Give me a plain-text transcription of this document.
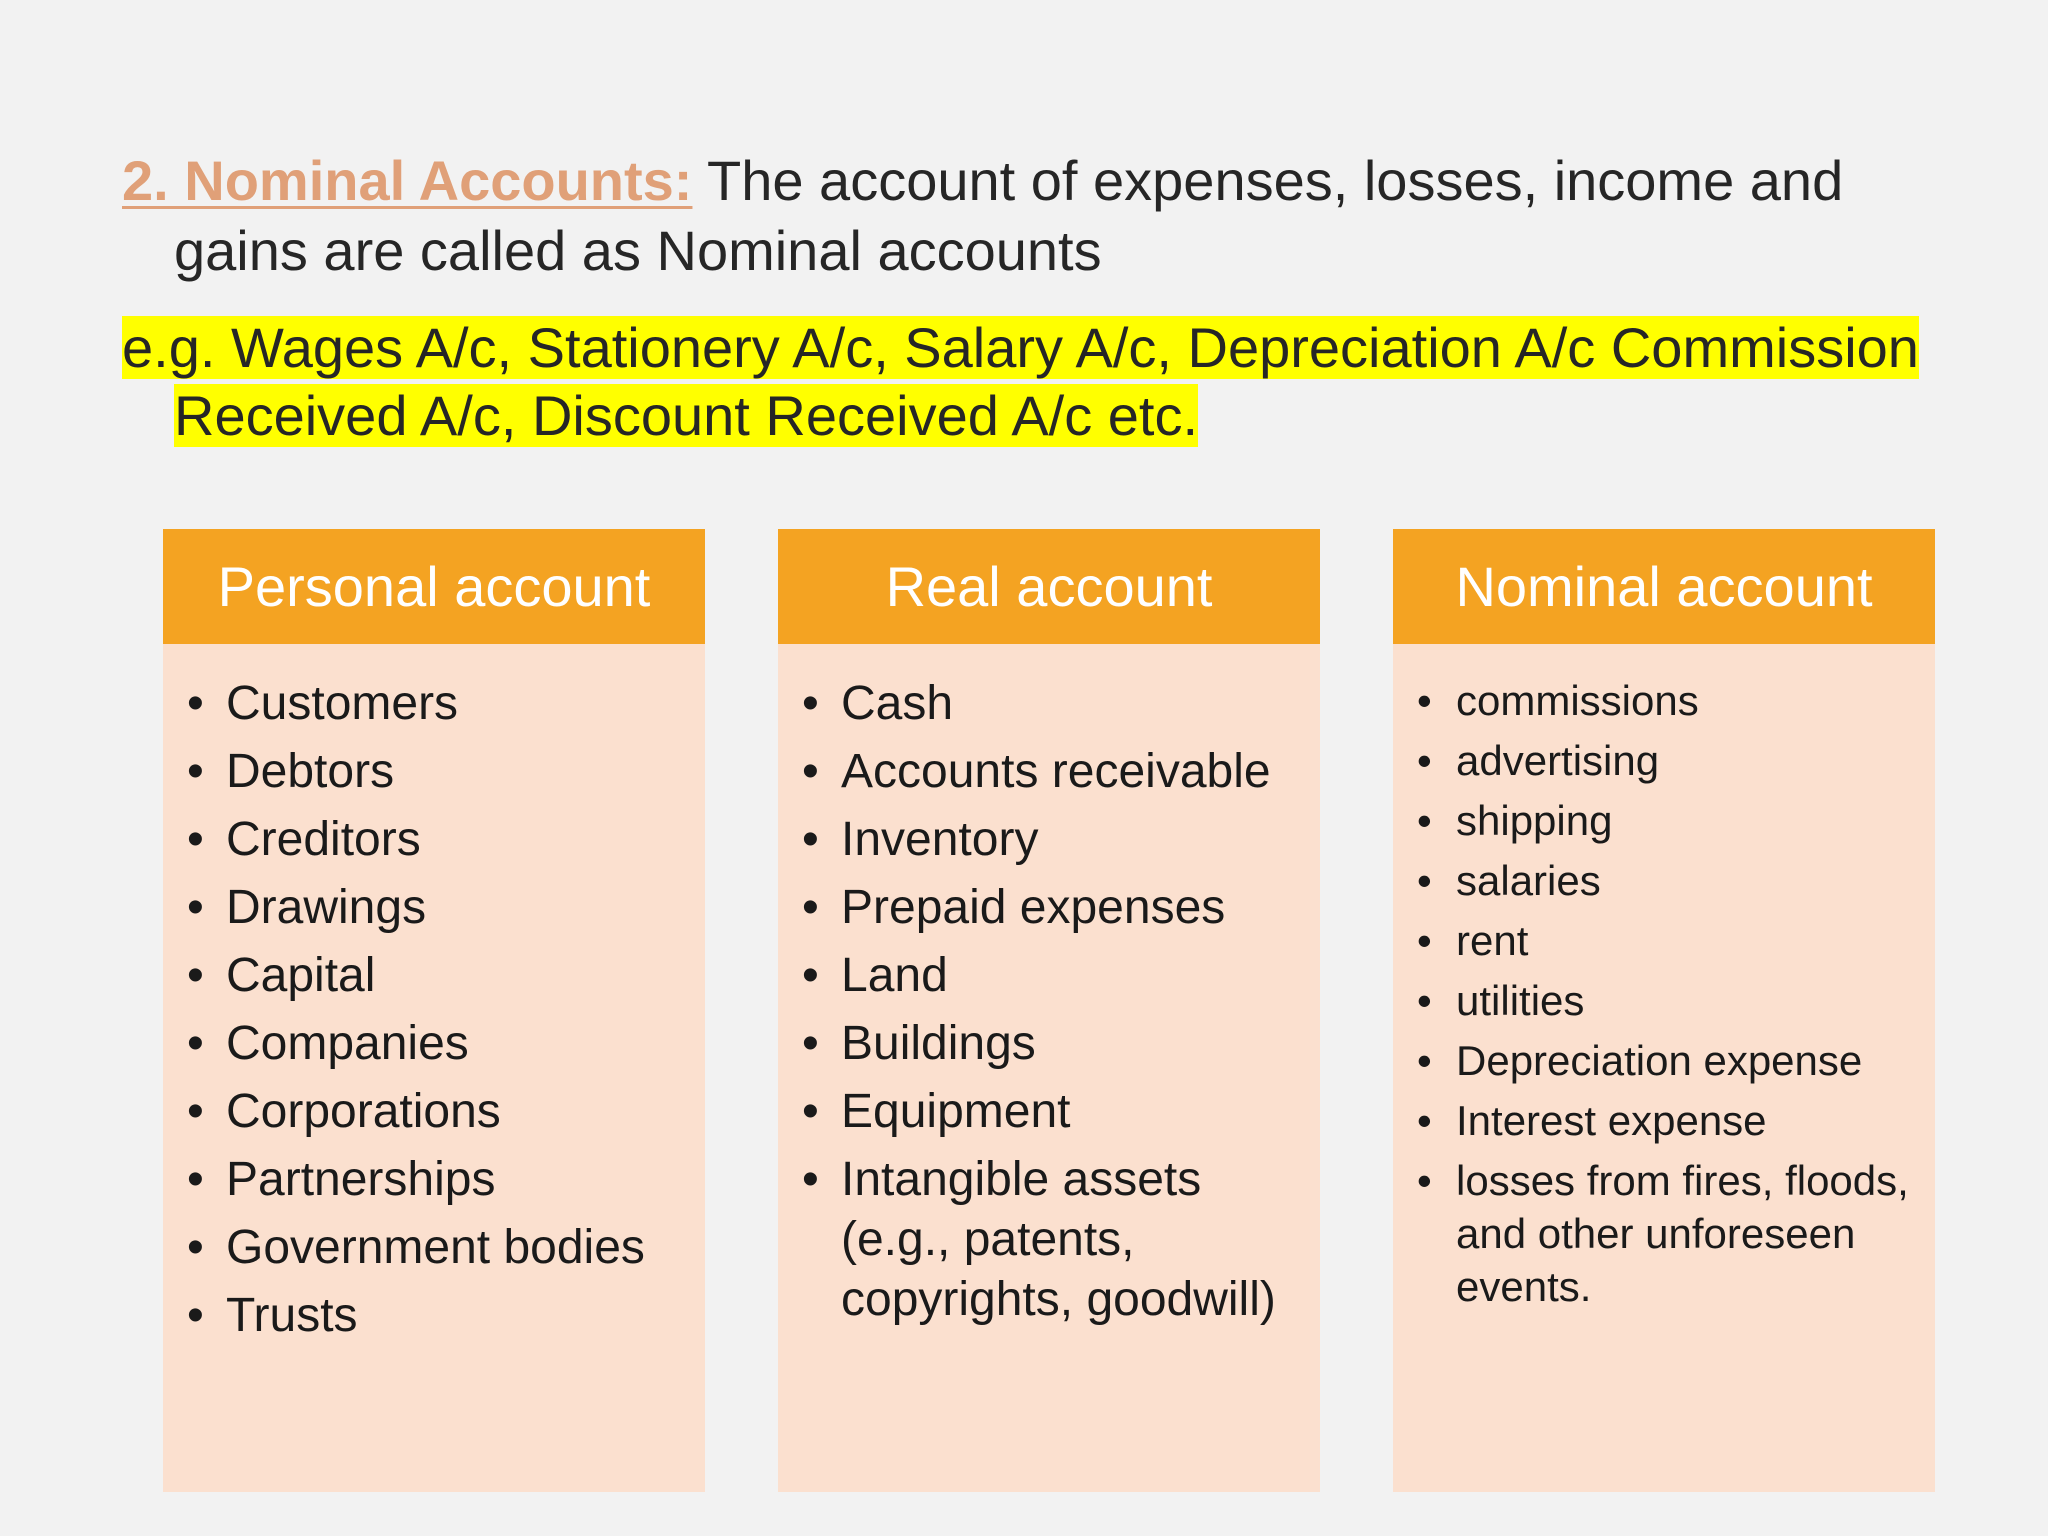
2. Nominal Accounts: The account of expenses, losses, income and
gains are called as Nominal accounts
e.g. Wages A/c, Stationery A/c, Salary A/c, Depreciation A/c Commission
Received A/c, Discount Received A/c etc.
Personal account
• Customers
• Debtors
• Creditors
• Drawings
• Capital
• Companies
• Corporations
• Partnerships
• Government bodies
• Trusts
Real account
• Cash
• Accounts receivable
• Inventory
• Prepaid expenses
• Land
• Buildings
• Equipment
• Intangible assets (e.g., patents, copyrights, goodwill)
Nominal account
• commissions
• advertising
• shipping
• salaries
• rent
• utilities
• Depreciation expense
• Interest expense
• losses from fires, floods, and other unforeseen events.
